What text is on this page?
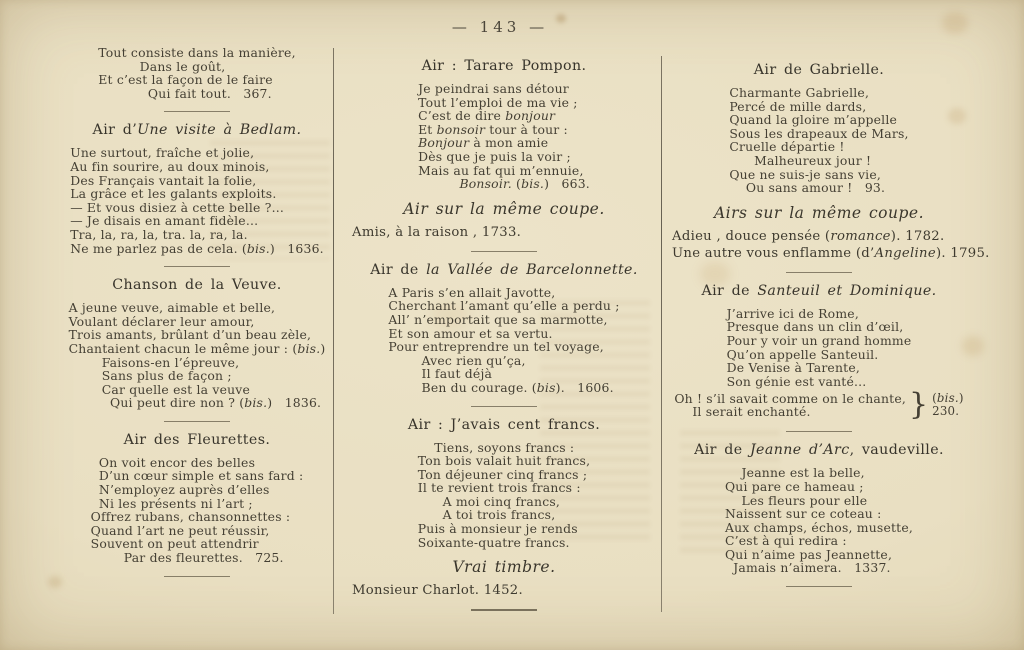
— 143 —
Tout consiste dans la manière,
Dans le goût,
Et c’est la façon de le faire
Qui fait tout.   367.
Air d’Une visite à Bedlam.
Une surtout, fraîche et jolie,
Au fin sourire, au doux minois,
Des Français vantait la folie,
La grâce et les galants exploits.
— Et vous disiez à cette belle ?...
— Je disais en amant fidèle...
Tra, la, ra, la, tra. la, ra, la.
Ne me parlez pas de cela. (bis.)   1636.
Chanson de la Veuve.
A jeune veuve, aimable et belle,
Voulant déclarer leur amour,
Trois amants, brûlant d’un beau zèle,
Chantaient chacun le même jour : (bis.)
Faisons-en l’épreuve,
Sans plus de façon ;
Car quelle est la veuve
Qui peut dire non ? (bis.)   1836.
Air des Fleurettes.
On voit encor des belles
D’un cœur simple et sans fard :
N’employez auprès d’elles
Ni les présents ni l’art ;
Offrez rubans, chansonnettes :
Quand l’art ne peut réussir,
Souvent on peut attendrir
Par des fleurettes.   725.
Air : Tarare Pompon.
Je peindrai sans détour
Tout l’emploi de ma vie ;
C’est de dire bonjour
Et bonsoir tour à tour :
Bonjour à mon amie
Dès que je puis la voir ;
Mais au fat qui m’ennuie,
Bonsoir. (bis.)   663.
Air sur la même coupe.
Amis, à la raison , 1733.
Air de la Vallée de Barcelonnette.
A Paris s’en allait Javotte,
Cherchant l’amant qu’elle a perdu ;
All’ n’emportait que sa marmotte,
Et son amour et sa vertu.
Pour entreprendre un tel voyage,
Avec rien qu’ça,
Il faut déjà
Ben du courage. (bis).   1606.
Air : J’avais cent francs.
Tiens, soyons francs :
Ton bois valait huit francs,
Ton déjeuner cinq francs ;
Il te revient trois francs :
A moi cinq francs,
A toi trois francs,
Puis à monsieur je rends
Soixante-quatre francs.
Vrai timbre.
Monsieur Charlot. 1452.
Air de Gabrielle.
Charmante Gabrielle,
Percé de mille dards,
Quand la gloire m’appelle
Sous les drapeaux de Mars,
Cruelle départie !
Malheureux jour !
Que ne suis-je sans vie,
Ou sans amour !   93.
Airs sur la même coupe.
Adieu , douce pensée (romance). 1782.
Une autre vous enflamme (d’Angeline). 1795.
Air de Santeuil et Dominique.
J’arrive ici de Rome,
Presque dans un clin d’œil,
Pour y voir un grand homme
Qu’on appelle Santeuil.
De Venise à Tarente,
Son génie est vanté...
Oh ! s’il savait comme on le chante,
Il serait enchanté.	} (bis.)
230.
Air de Jeanne d’Arc, vaudeville.
Jeanne est la belle,
Qui pare ce hameau ;
Les fleurs pour elle
Naissent sur ce coteau :
Aux champs, échos, musette,
C’est à qui redira :
Qui n’aime pas Jeannette,
Jamais n’aimera.   1337.
